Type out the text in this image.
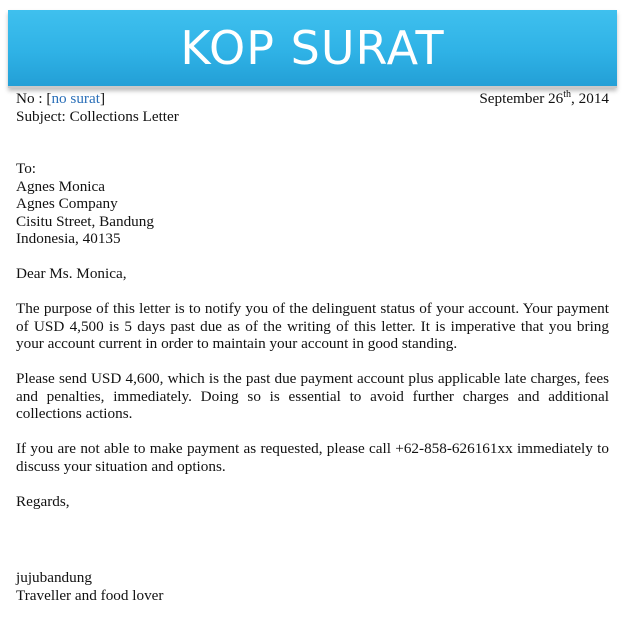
KOP SURAT
No : [no surat]	September 26th, 2014
Subject: Collections Letter
To:
Agnes Monica
Agnes Company
Cisitu Street, Bandung
Indonesia, 40135
Dear Ms. Monica,

The purpose of this letter is to notify you of the delinguent status of your account. Your payment of USD 4,500 is 5 days past due as of the writing of this letter. It is imperative that you bring your account current in order to maintain your account in good standing.

Please send USD 4,600, which is the past due payment account plus applicable late charges, fees and penalties, immediately. Doing so is essential to avoid further charges and additional collections actions.

If you are not able to make payment as requested, please call +62-858-626161xx immediately to discuss your situation and options.

Regards,
jujubandung
Traveller and food lover
